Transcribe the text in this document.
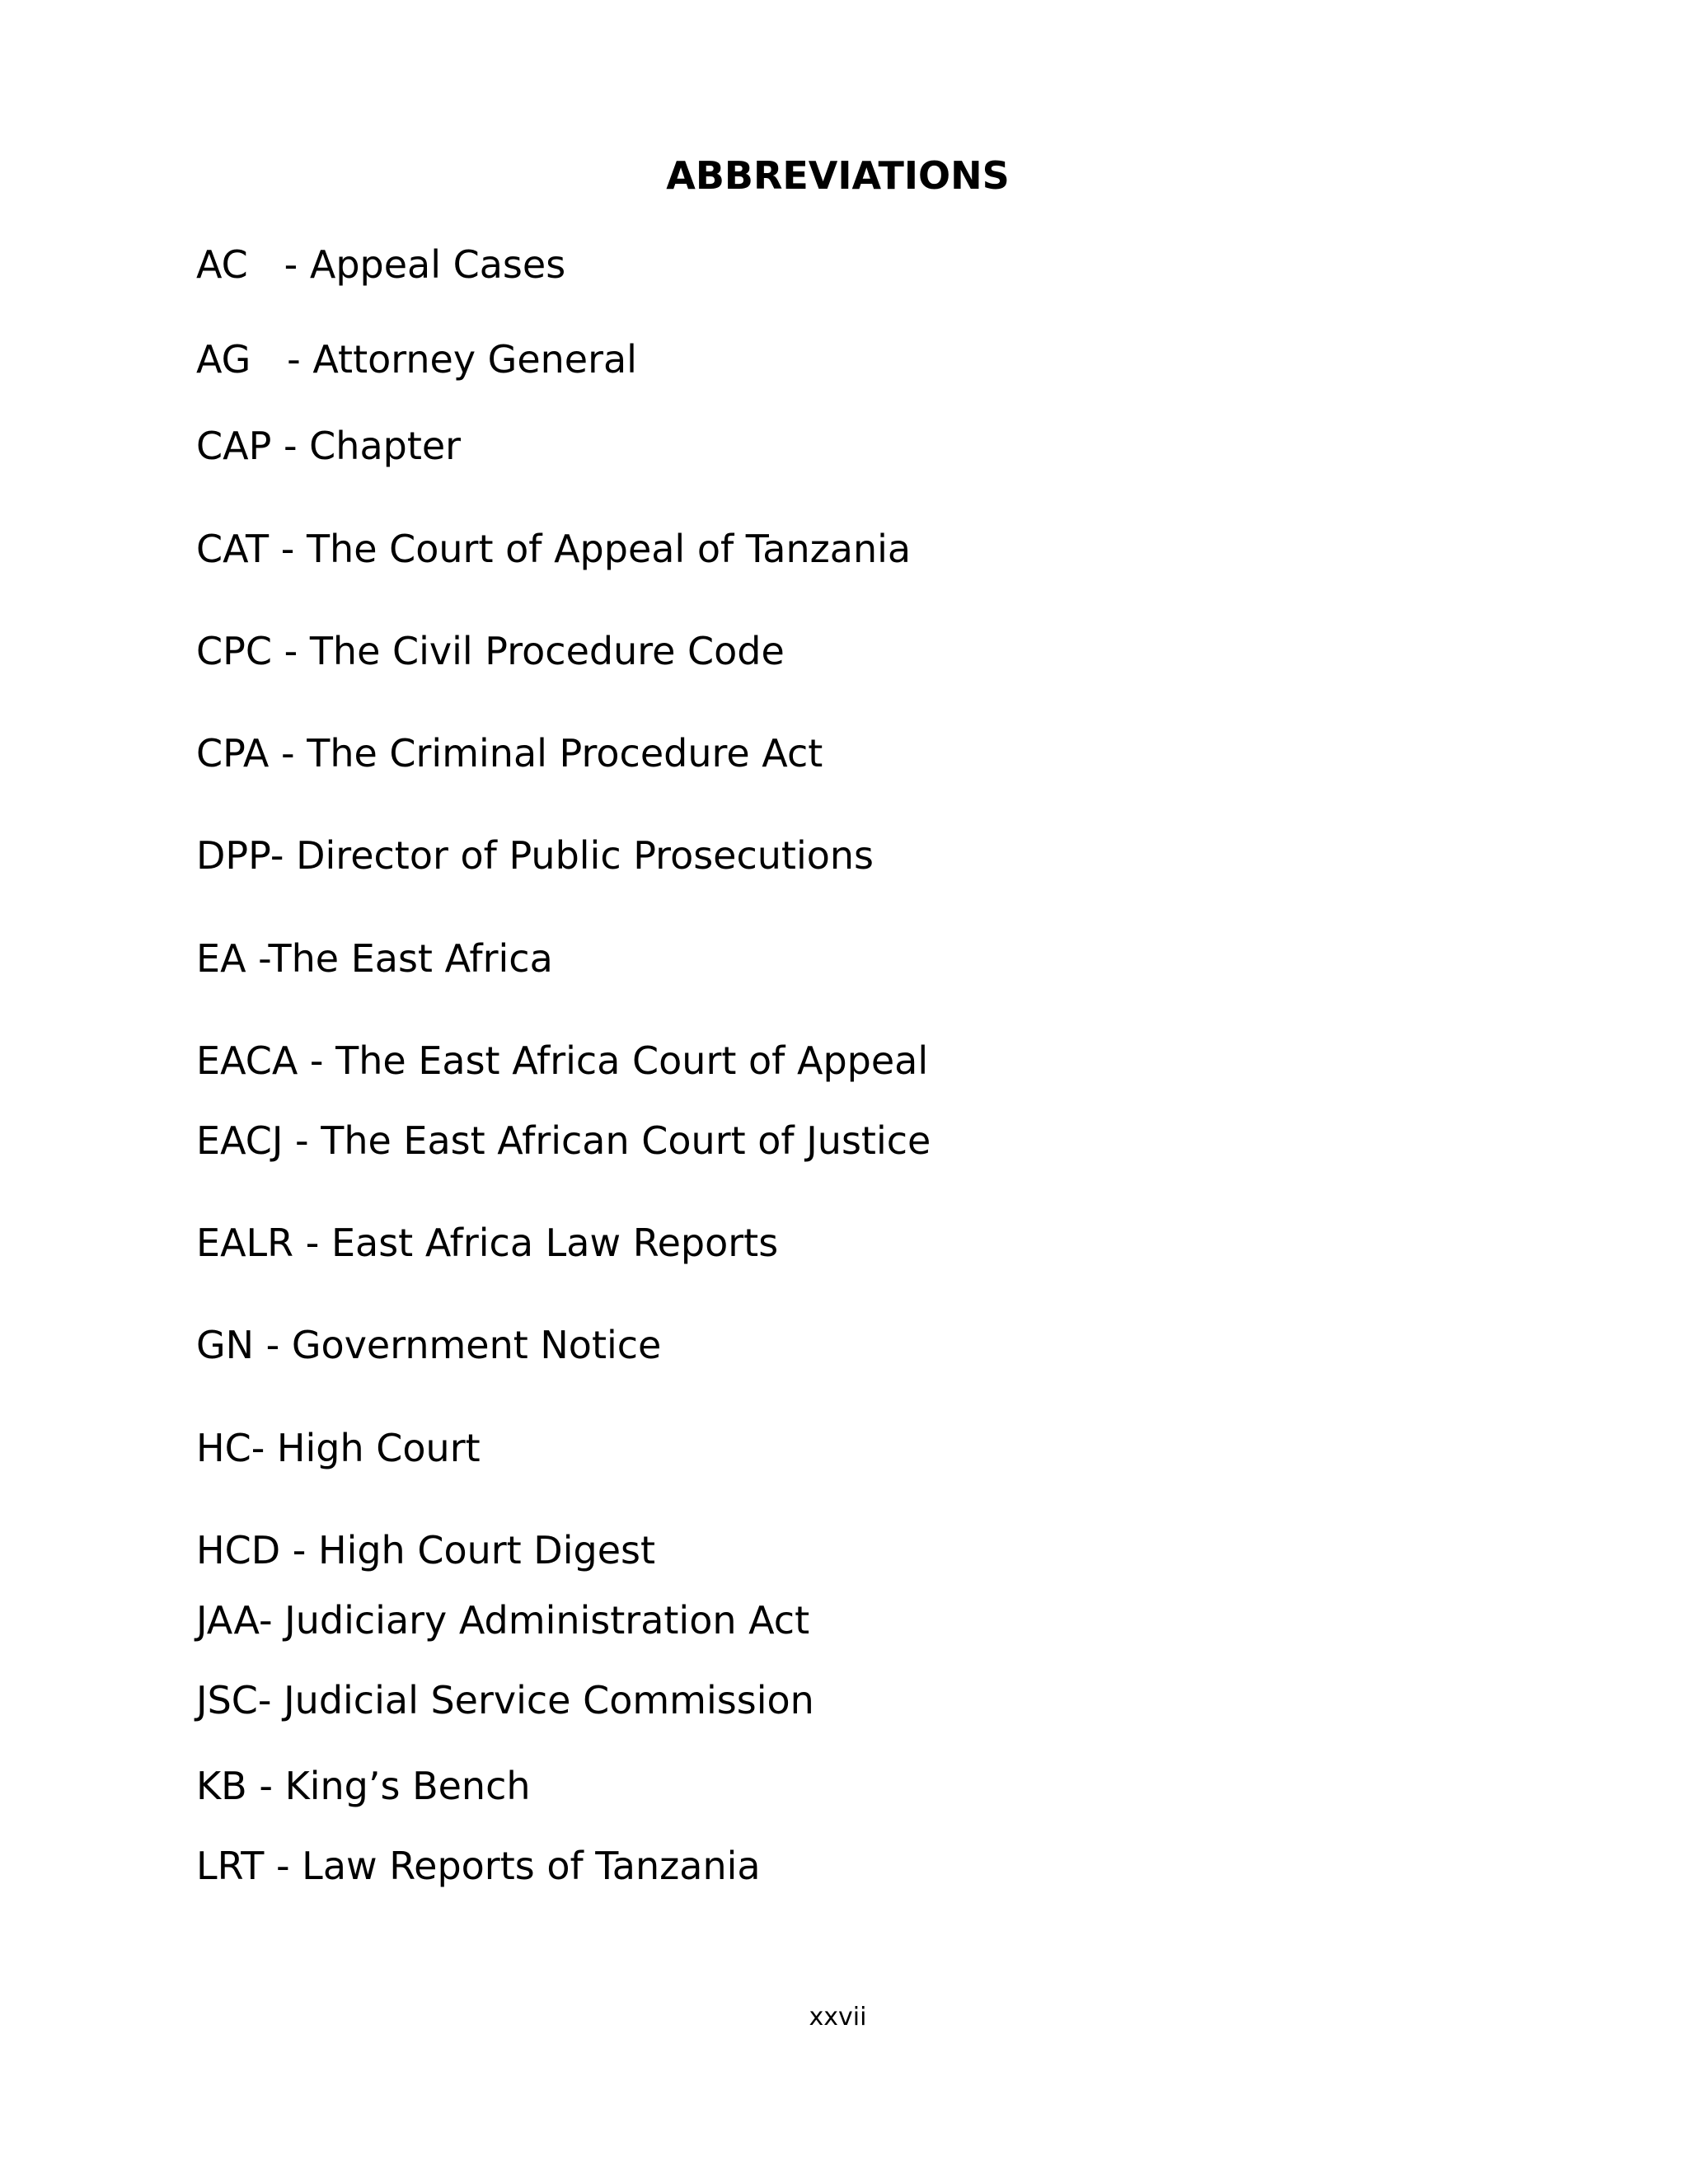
ABBREVIATIONS
AC   - Appeal Cases
AG   - Attorney General
CAP - Chapter
CAT - The Court of Appeal of Tanzania
CPC - The Civil Procedure Code
CPA - The Criminal Procedure Act
DPP- Director of Public Prosecutions
EA -The East Africa
EACA - The East Africa Court of Appeal
EACJ - The East African Court of Justice
EALR - East Africa Law Reports
GN - Government Notice
HC- High Court
HCD - High Court Digest
JAA- Judiciary Administration Act
JSC- Judicial Service Commission
KB - King’s Bench
LRT - Law Reports of Tanzania
xxvii
